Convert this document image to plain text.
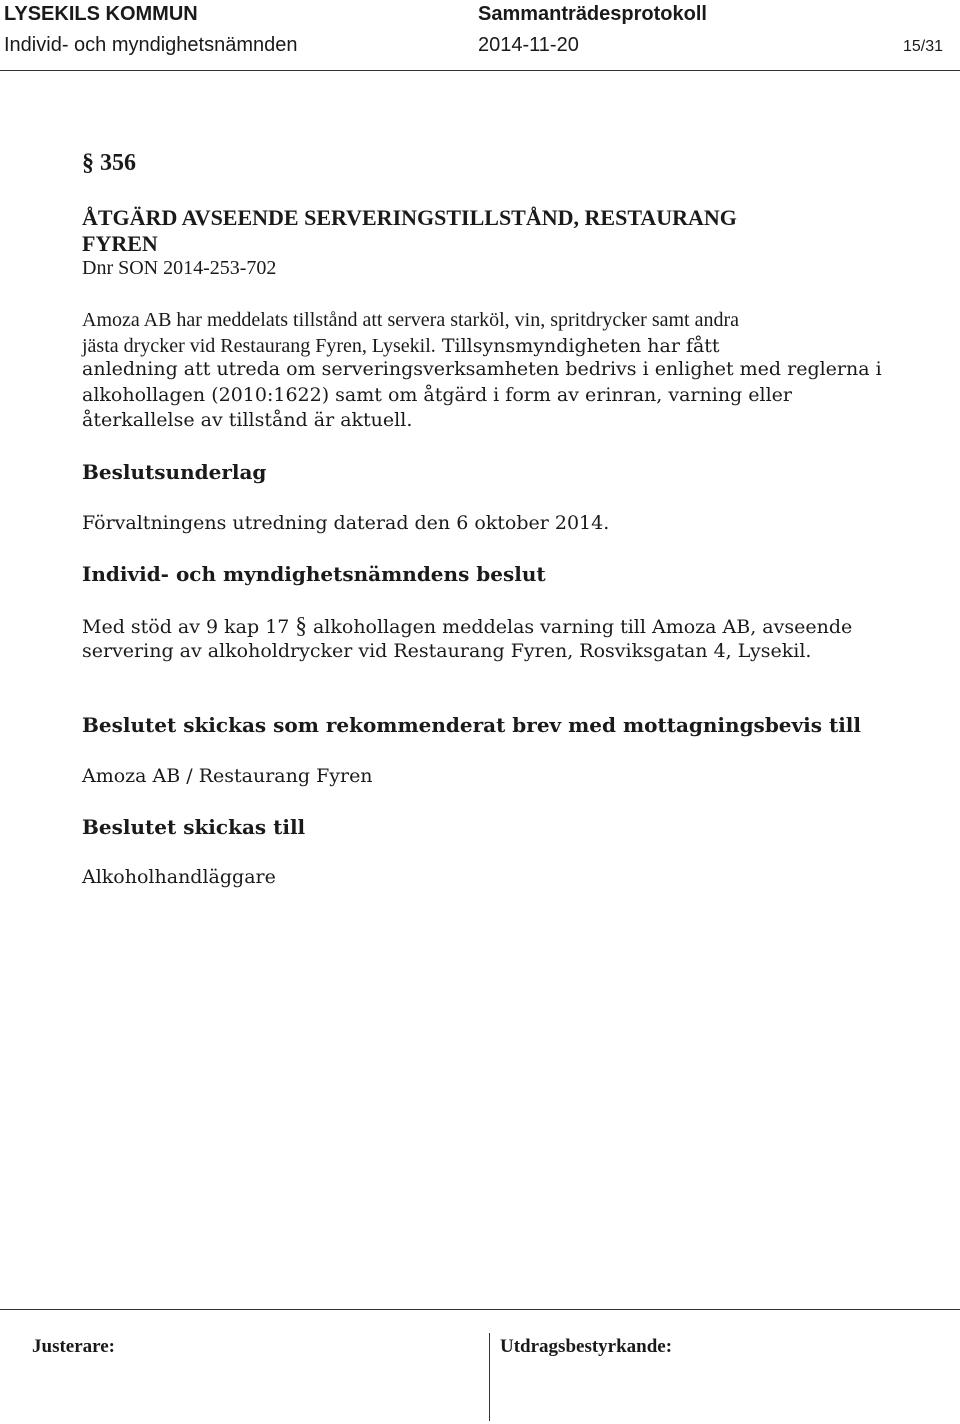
LYSEKILS KOMMUN	Sammanträdesprotokoll
Individ- och myndighetsnämnden	2014-11-20	15/31
§ 356
ÅTGÄRD AVSEENDE SERVERINGSTILLSTÅND, RESTAURANG
FYREN
Dnr SON 2014-253-702
Amoza AB har meddelats tillstånd att servera starköl, vin, spritdrycker samt andra
jästa drycker vid Restaurang Fyren, Lysekil. Tillsynsmyndigheten har fått
anledning att utreda om serveringsverksamheten bedrivs i enlighet med reglerna i
alkohollagen (2010:1622) samt om åtgärd i form av erinran, varning eller
återkallelse av tillstånd är aktuell.
Beslutsunderlag
Förvaltningens utredning daterad den 6 oktober 2014.
Individ- och myndighetsnämndens beslut
Med stöd av 9 kap 17 § alkohollagen meddelas varning till Amoza AB, avseende
servering av alkoholdrycker vid Restaurang Fyren, Rosviksgatan 4, Lysekil.
Beslutet skickas som rekommenderat brev med mottagningsbevis till
Amoza AB / Restaurang Fyren
Beslutet skickas till
Alkoholhandläggare
Justerare:	Utdragsbestyrkande:
